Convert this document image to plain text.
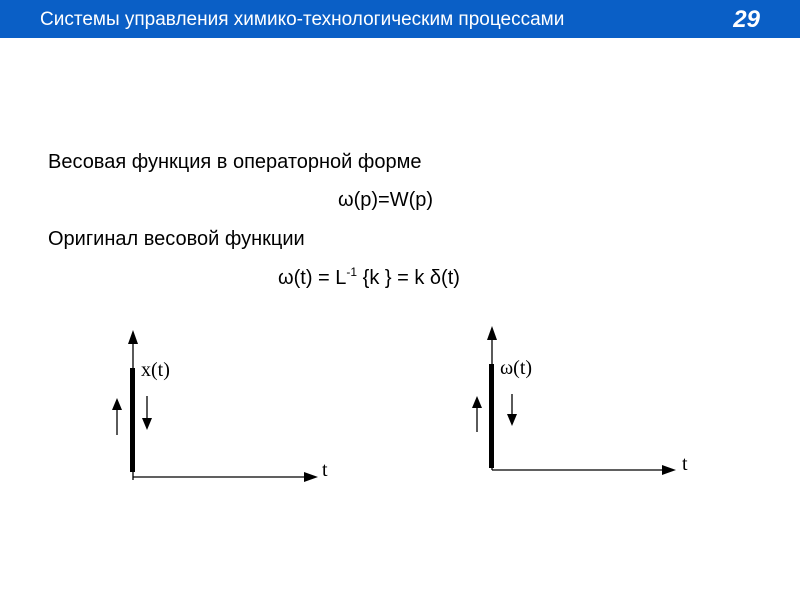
Системы управления химико-технологическим процессами	29
Весовая функция в операторной форме
ω(p)=W(p)
Оригинал весовой функции
$\omega(t) = L^{-1}$ {k } = k δ(t)
x(t)
t
ω(t)
t
